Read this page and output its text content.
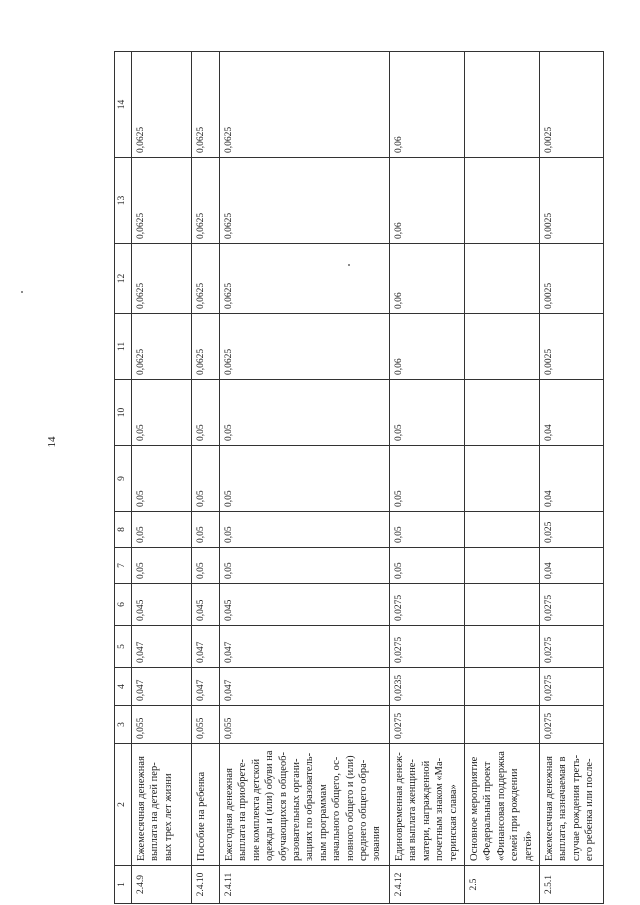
14
1	2	3	4	5	6	7	8	9	10	11	12	13	14
2.4.9	Ежемесячная денежная выплата на детей пер-вых трех лет жизни	0,055	0,047	0,047	0,045	0,05	0,05	0,05	0,05	0,0625	0,0625	0,0625	0,0625
2.4.10	Пособие на ребенка	0,055	0,047	0,047	0,045	0,05	0,05	0,05	0,05	0,0625	0,0625	0,0625	0,0625
2.4.11	Ежегодная денежная выплата на приобрете-ние комплекта детской одежды и (или) обуви на обучающихся в общеоб-разовательных органи-зациях по образователь-ным программам начального общего, ос-новного общего и (или) среднего общего обра-зования	0,055	0,047	0,047	0,045	0,05	0,05	0,05	0,05	0,0625	0,0625	0,0625	0,0625
2.4.12	Единовременная денеж-ная выплата женщине-матери, награжденной почетным знаком «Ма-теринская слава»	0,0275	0,0235	0,0275	0,0275	0,05	0,05	0,05	0,05	0,06	0,06	0,06	0,06
2.5	Основное мероприятие «Федеральный проект «Финансовая поддержка семей при рождении детей»												
2.5.1	Ежемесячная денежная выплата, назначаемая в случае рождения треть-его ребенка или после-	0,0275	0,0275	0,0275	0,0275	0,04	0,025	0,04	0,04	0,0025	0,0025	0,0025	0,0025
